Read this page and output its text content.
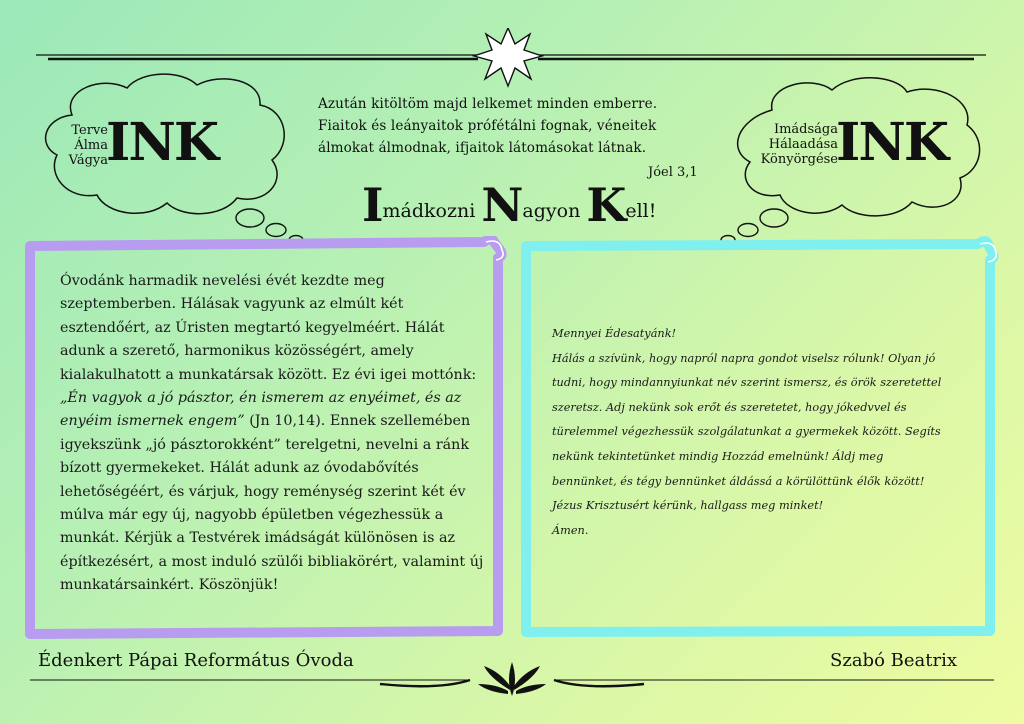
Azután kitöltöm majd lelkemet minden emberre.
Fiaitok és leányaitok prófétálni fognak, véneitek
álmokat álmodnak, ifjaitok látomásokat látnak.
Jóel 3,1
Imádkozni Nagyon Kell!
Terve
Álma
Vágya
INK	Imádsága
Hálaadása
Könyörgése
INK
Óvodánk harmadik nevelési évét kezdte meg szeptemberben. Hálásak vagyunk az elmúlt két esztendőért, az Úristen megtartó kegyelméért. Hálát adunk a szerető, harmonikus közösségért, amely kialakulhatott a munkatársak között. Ez évi igei mottónk: „Én vagyok a jó pásztor, én ismerem az enyéimet, és az enyéim ismernek engem” (Jn 10,14). Ennek szellemében igyekszünk „jó pásztorokként” terelgetni, nevelni a ránk bízott gyermekeket. Hálát adunk az óvodabővítés lehetőségéért, és várjuk, hogy reménység szerint két év múlva már egy új, nagyobb épületben végezhessük a munkát. Kérjük a Testvérek imádságát különösen is az építkezésért, a most induló szülői bibliakörért, valamint új munkatársainkért. Köszönjük!
Mennyei Édesatyánk!
Hálás a szívünk, hogy napról napra gondot viselsz rólunk! Olyan jó
tudni, hogy mindannyiunkat név szerint ismersz, és örök szeretettel
szeretsz. Adj nekünk sok erőt és szeretetet, hogy jókedvvel és
türelemmel végezhessük szolgálatunkat a gyermekek között. Segíts
nekünk tekintetünket mindig Hozzád emelnünk! Áldj meg
bennünket, és tégy bennünket áldássá a körülöttünk élők között!
Jézus Krisztusért kérünk, hallgass meg minket!
Ámen.
Édenkert Pápai Református Óvoda	Szabó Beatrix
